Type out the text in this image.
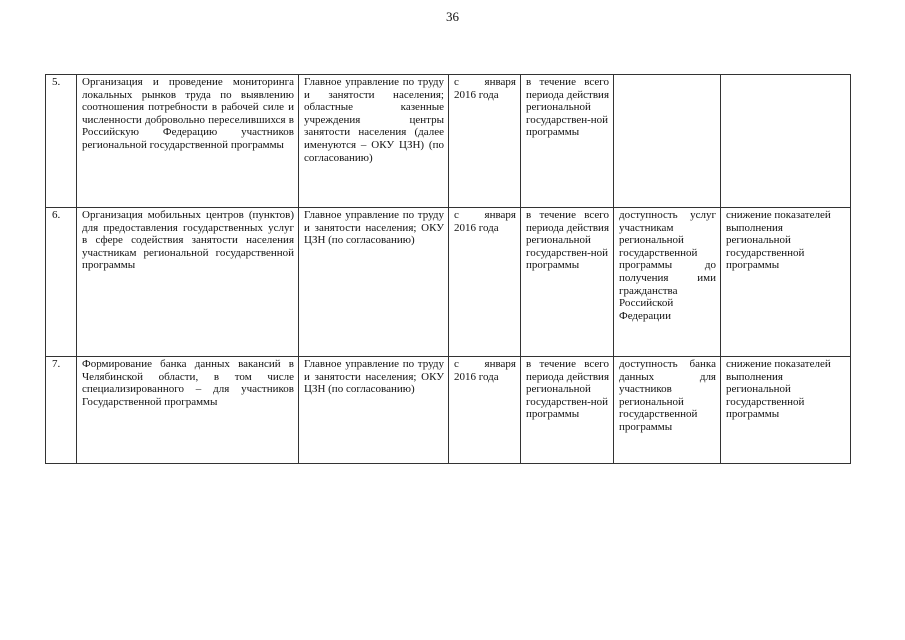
36
5.	Организация и проведение мониторинга локальных рынков труда по выявлению соотношения потребности в рабочей силе и численности добровольно переселившихся в Российскую Федерацию участников региональной государственной программы	Главное управление по труду и занятости населения; областные казенные учреждения центры занятости населения (далее именуются – ОКУ ЦЗН) (по согласованию)	с января 2016 года	в течение всего периода действия региональной государствен-ной программы		
6.	Организация мобильных центров (пунктов) для предоставления государственных услуг в сфере содействия занятости населения участникам региональной государственной программы	Главное управление по труду и занятости населения; ОКУ ЦЗН (по согласованию)	с января 2016 года	в течение всего периода действия региональной государствен-ной программы	доступность услуг участникам региональной государственной программы до получения ими гражданства Российской Федерации	снижение показателей выполнения региональной государственной программы
7.	Формирование банка данных вакансий в Челябинской области, в том числе специализированного – для участников Государственной программы	Главное управление по труду и занятости населения; ОКУ ЦЗН (по согласованию)	с января 2016 года	в течение всего периода действия региональной государствен-ной программы	доступность банка данных для участников региональной государственной программы	снижение показателей выполнения региональной государственной программы
